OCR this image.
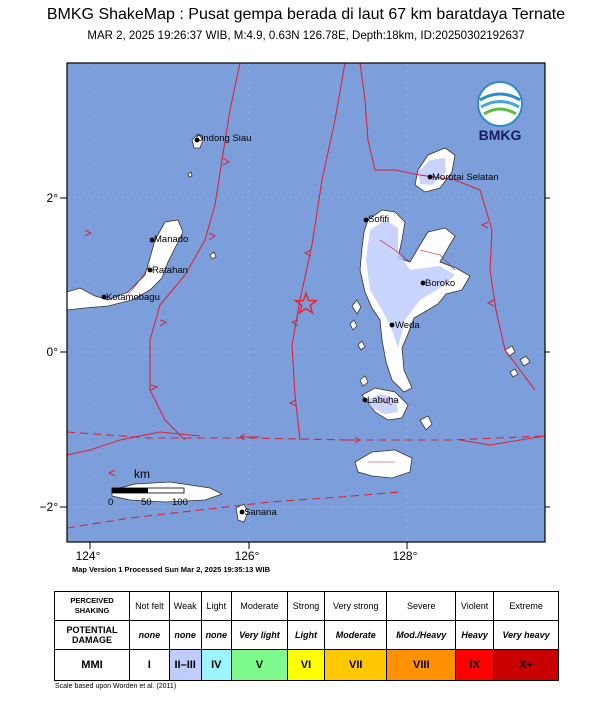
BMKG ShakeMap : Pusat gempa berada di laut 67 km baratdaya Ternate
MAR 2, 2025 19:26:37 WIB, M:4.9, 0.63N 126.78E, Depth:18km, ID:20250302192637
124°	126°	128°
2°
0°
−2°
Ondong Siau
Morotai Selatan
Sofifi
Manado
Ratahan
Kotamobagu
Boroko
Weda
Labuha
Sanana
km
0	50 100
BMKG
Map Version 1 Processed Sun Mar 2, 2025 19:35:13 WIB
PERCEIVED SHAKING	Not felt	Weak	Light	Moderate	Strong	Very strong	Severe	Violent	Extreme
POTENTIAL DAMAGE	none	none	none	Very light	Light	Moderate	Mod./Heavy	Heavy	Very heavy
MMI	I	II–III	IV	V	VI	VII	VIII	IX	X+
Scale based upon Worden et al. (2011)
